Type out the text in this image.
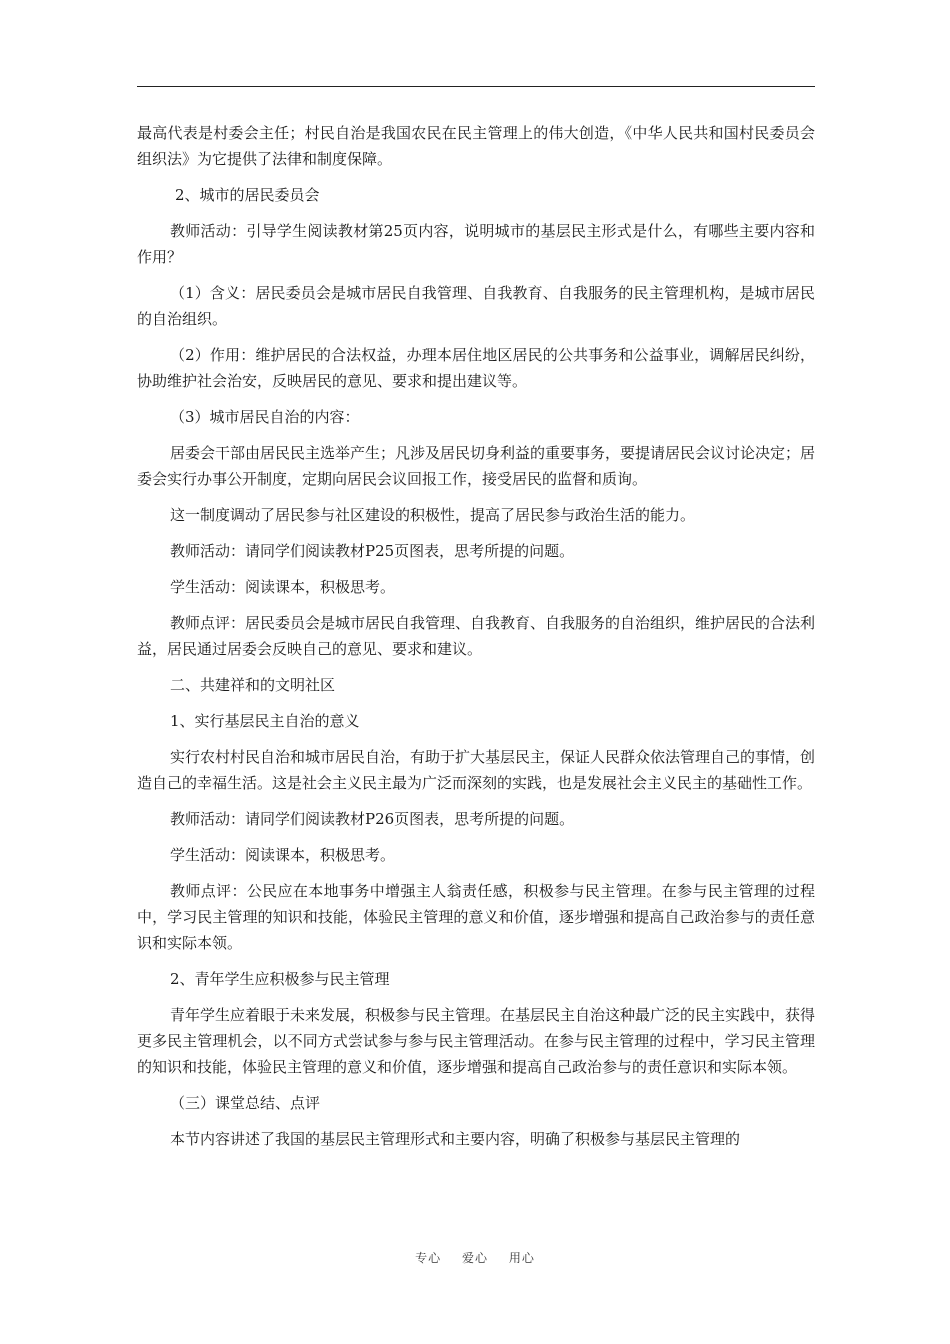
最高代表是村委会主任；村民自治是我国农民在民主管理上的伟大创造，《中华人民共和国村民委员会组织法》为它提供了法律和制度保障。

2、城市的居民委员会

教师活动：引导学生阅读教材第25页内容，说明城市的基层民主形式是什么，有哪些主要内容和作用？

（1）含义：居民委员会是城市居民自我管理、自我教育、自我服务的民主管理机构，是城市居民的自治组织。

（2）作用：维护居民的合法权益，办理本居住地区居民的公共事务和公益事业，调解居民纠纷，协助维护社会治安，反映居民的意见、要求和提出建议等。

（3）城市居民自治的内容：

居委会干部由居民民主选举产生；凡涉及居民切身利益的重要事务，要提请居民会议讨论决定；居委会实行办事公开制度，定期向居民会议回报工作，接受居民的监督和质询。

这一制度调动了居民参与社区建设的积极性，提高了居民参与政治生活的能力。

教师活动：请同学们阅读教材P25页图表，思考所提的问题。

学生活动：阅读课本，积极思考。

教师点评：居民委员会是城市居民自我管理、自我教育、自我服务的自治组织，维护居民的合法利益，居民通过居委会反映自己的意见、要求和建议。

二、共建祥和的文明社区

1、实行基层民主自治的意义

实行农村村民自治和城市居民自治，有助于扩大基层民主，保证人民群众依法管理自己的事情，创造自己的幸福生活。这是社会主义民主最为广泛而深刻的实践，也是发展社会主义民主的基础性工作。

教师活动：请同学们阅读教材P26页图表，思考所提的问题。

学生活动：阅读课本，积极思考。

教师点评：公民应在本地事务中增强主人翁责任感，积极参与民主管理。在参与民主管理的过程中，学习民主管理的知识和技能，体验民主管理的意义和价值，逐步增强和提高自己政治参与的责任意识和实际本领。

2、青年学生应积极参与民主管理

青年学生应着眼于未来发展，积极参与民主管理。在基层民主自治这种最广泛的民主实践中，获得更多民主管理机会，以不同方式尝试参与参与民主管理活动。在参与民主管理的过程中，学习民主管理的知识和技能，体验民主管理的意义和价值，逐步增强和提高自己政治参与的责任意识和实际本领。

（三）课堂总结、点评

本节内容讲述了我国的基层民主管理形式和主要内容，明确了积极参与基层民主管理的

专心 爱心 用心
